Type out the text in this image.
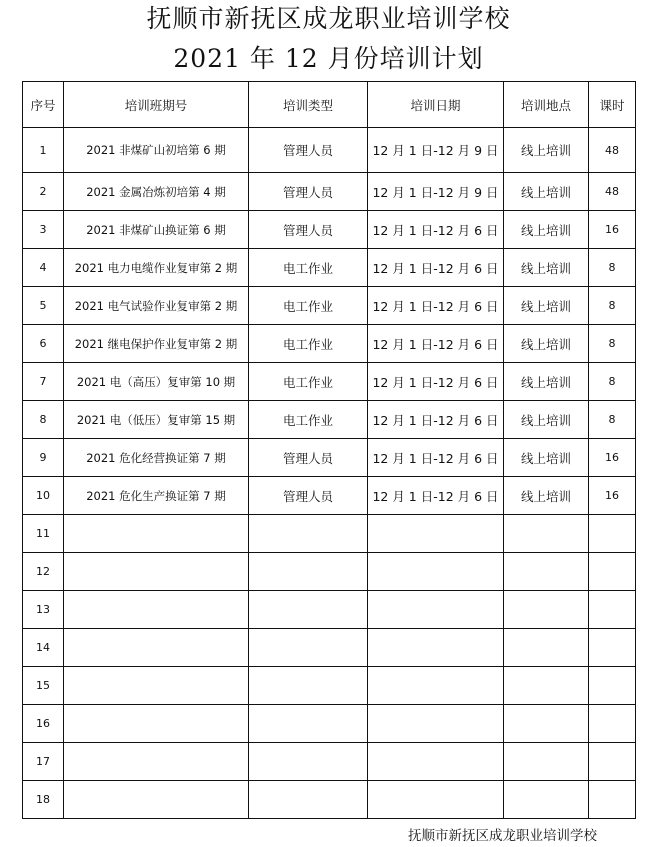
抚顺市新抚区成龙职业培训学校
2021 年 12 月份培训计划
序号	培训班期号	培训类型	培训日期	培训地点	课时
1	2021 非煤矿山初培第 6 期	管理人员	12 月 1 日-12 月 9 日	线上培训	48
2	2021 金属冶炼初培第 4 期	管理人员	12 月 1 日-12 月 9 日	线上培训	48
3	2021 非煤矿山换证第 6 期	管理人员	12 月 1 日-12 月 6 日	线上培训	16
4	2021 电力电缆作业复审第 2 期	电工作业	12 月 1 日-12 月 6 日	线上培训	8
5	2021 电气试验作业复审第 2 期	电工作业	12 月 1 日-12 月 6 日	线上培训	8
6	2021 继电保护作业复审第 2 期	电工作业	12 月 1 日-12 月 6 日	线上培训	8
7	2021 电（高压）复审第 10 期	电工作业	12 月 1 日-12 月 6 日	线上培训	8
8	2021 电（低压）复审第 15 期	电工作业	12 月 1 日-12 月 6 日	线上培训	8
9	2021 危化经营换证第 7 期	管理人员	12 月 1 日-12 月 6 日	线上培训	16
10	2021 危化生产换证第 7 期	管理人员	12 月 1 日-12 月 6 日	线上培训	16
11					
12					
13					
14					
15					
16					
17					
18					
抚顺市新抚区成龙职业培训学校
